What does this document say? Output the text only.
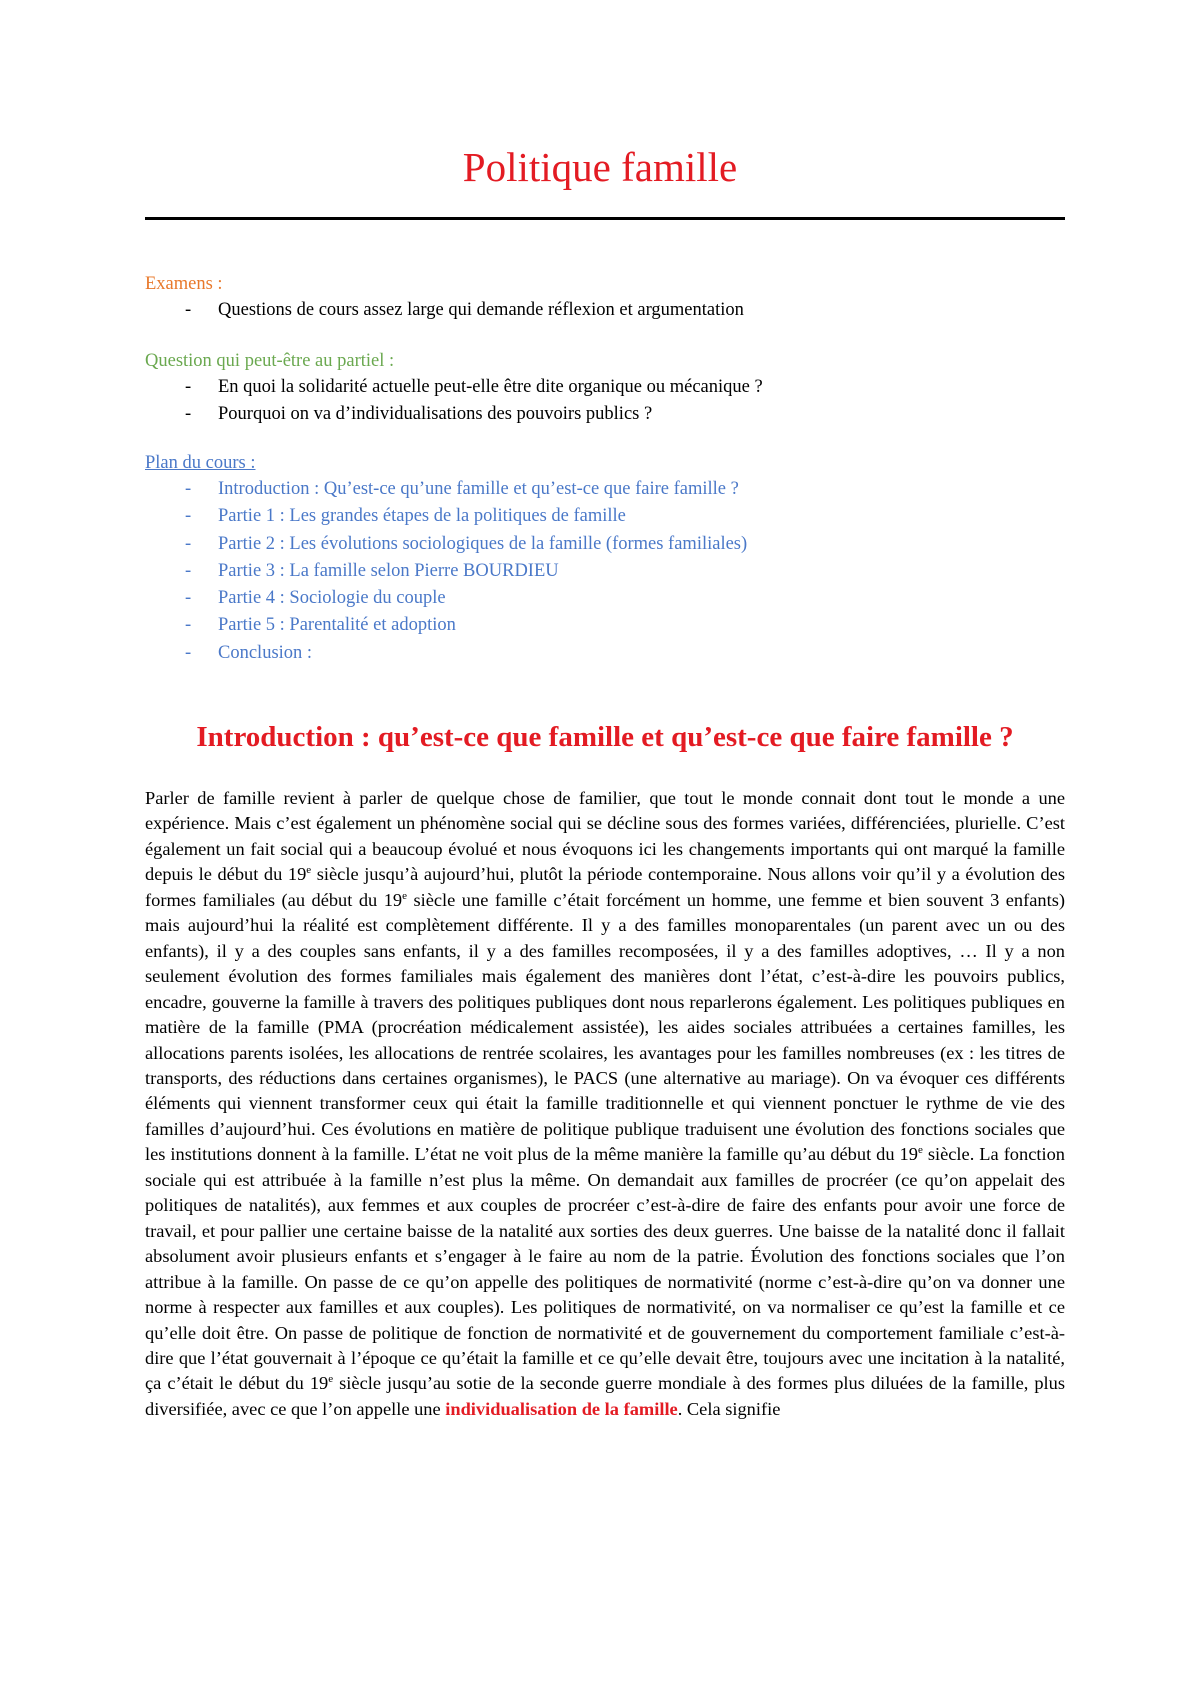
Politique famille
Examens :
- Questions de cours assez large qui demande réflexion et argumentation
Question qui peut-être au partiel :
- En quoi la solidarité actuelle peut-elle être dite organique ou mécanique ?
- Pourquoi on va d’individualisations des pouvoirs publics ?
Plan du cours :
- Introduction : Qu’est-ce qu’une famille et qu’est-ce que faire famille ?
- Partie 1 : Les grandes étapes de la politiques de famille
- Partie 2 : Les évolutions sociologiques de la famille (formes familiales)
- Partie 3 : La famille selon Pierre BOURDIEU
- Partie 4 : Sociologie du couple
- Partie 5 : Parentalité et adoption
- Conclusion :
Introduction : qu’est-ce que famille et qu’est-ce que faire famille ?

Parler de famille revient à parler de quelque chose de familier, que tout le monde connait dont tout le monde a une expérience. Mais c’est également un phénomène social qui se décline sous des formes variées, différenciées, plurielle. C’est également un fait social qui a beaucoup évolué et nous évoquons ici les changements importants qui ont marqué la famille depuis le début du 19e siècle jusqu’à aujourd’hui, plutôt la période contemporaine. Nous allons voir qu’il y a évolution des formes familiales (au début du 19e siècle une famille c’était forcément un homme, une femme et bien souvent 3 enfants) mais aujourd’hui la réalité est complètement différente. Il y a des familles monoparentales (un parent avec un ou des enfants), il y a des couples sans enfants, il y a des familles recomposées, il y a des familles adoptives, … Il y a non seulement évolution des formes familiales mais également des manières dont l’état, c’est-à-dire les pouvoirs publics, encadre, gouverne la famille à travers des politiques publiques dont nous reparlerons également. Les politiques publiques en matière de la famille (PMA (procréation médicalement assistée), les aides sociales attribuées a certaines familles, les allocations parents isolées, les allocations de rentrée scolaires, les avantages pour les familles nombreuses (ex : les titres de transports, des réductions dans certaines organismes), le PACS (une alternative au mariage). On va évoquer ces différents éléments qui viennent transformer ceux qui était la famille traditionnelle et qui viennent ponctuer le rythme de vie des familles d’aujourd’hui. Ces évolutions en matière de politique publique traduisent une évolution des fonctions sociales que les institutions donnent à la famille. L’état ne voit plus de la même manière la famille qu’au début du 19e siècle. La fonction sociale qui est attribuée à la famille n’est plus la même. On demandait aux familles de procréer (ce qu’on appelait des politiques de natalités), aux femmes et aux couples de procréer c’est-à-dire de faire des enfants pour avoir une force de travail, et pour pallier une certaine baisse de la natalité aux sorties des deux guerres. Une baisse de la natalité donc il fallait absolument avoir plusieurs enfants et s’engager à le faire au nom de la patrie. Évolution des fonctions sociales que l’on attribue à la famille. On passe de ce qu’on appelle des politiques de normativité (norme c’est-à-dire qu’on va donner une norme à respecter aux familles et aux couples). Les politiques de normativité, on va normaliser ce qu’est la famille et ce qu’elle doit être. On passe de politique de fonction de normativité et de gouvernement du comportement familiale c’est-à-dire que l’état gouvernait à l’époque ce qu’était la famille et ce qu’elle devait être, toujours avec une incitation à la natalité, ça c’était le début du 19e siècle jusqu’au sotie de la seconde guerre mondiale à des formes plus diluées de la famille, plus diversifiée, avec ce que l’on appelle une individualisation de la famille. Cela signifie
